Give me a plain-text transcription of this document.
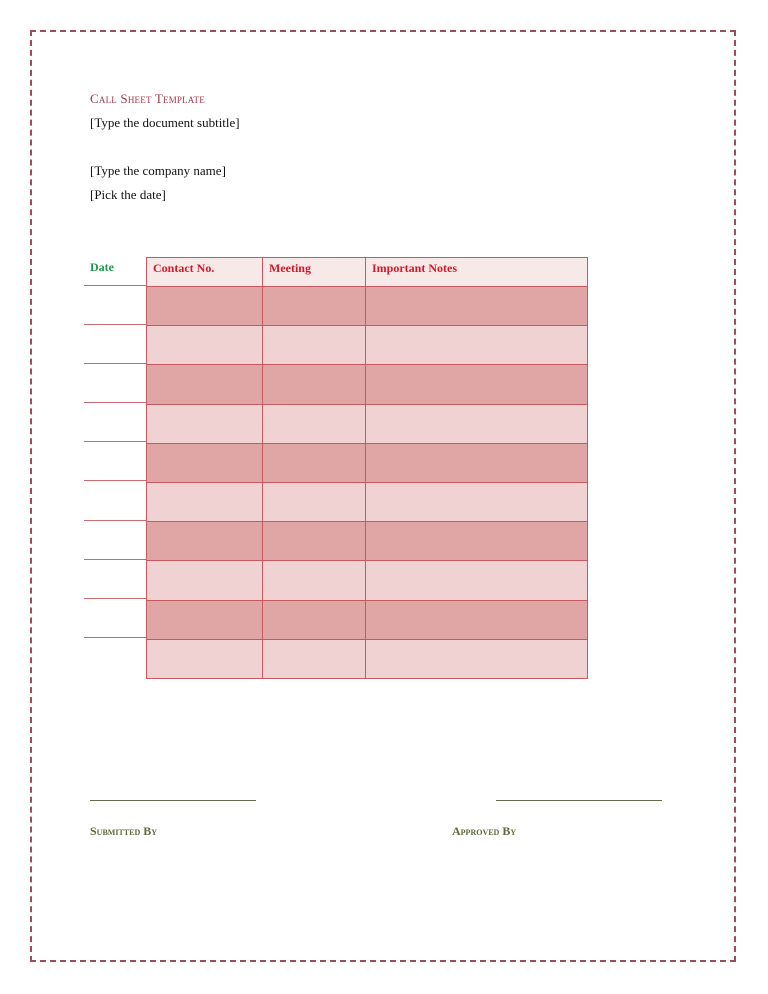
Call Sheet Template
[Type the document subtitle]
[Type the company name]
[Pick the date]
Date	Contact No.	Meeting	Important Notes
Submitted By	Approved By
